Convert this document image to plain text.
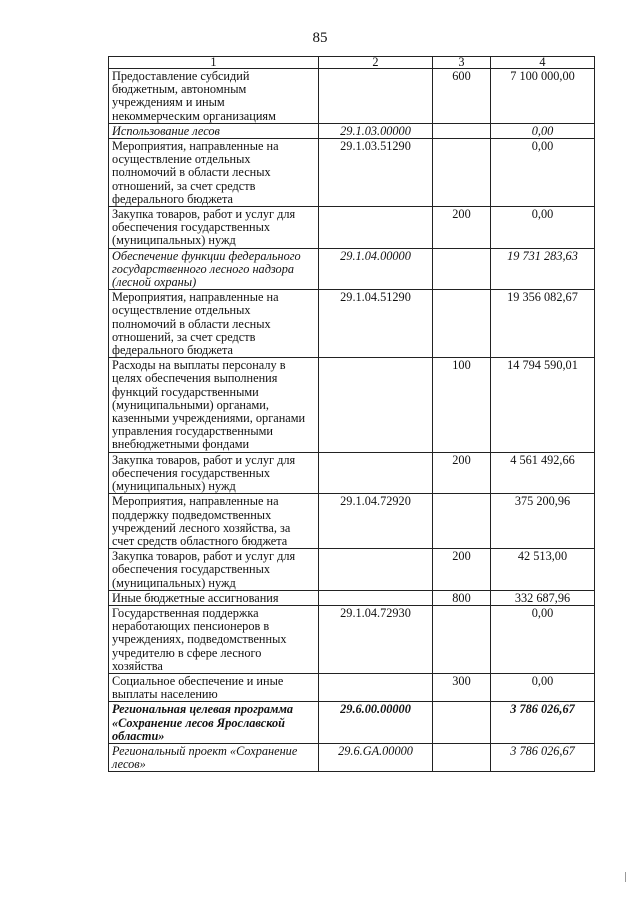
85
1	2	3	4
Предоставление субсидий бюджетным, автономным учреждениям и иным некоммерческим организациям		600	7 100 000,00
Использование лесов	29.1.03.00000		0,00
Мероприятия, направленные на осуществление отдельных полномочий в области лесных отношений, за счет средств федерального бюджета	29.1.03.51290		0,00
Закупка товаров, работ и услуг для обеспечения государственных (муниципальных) нужд		200	0,00
Обеспечение функции федерального государственного лесного надзора (лесной охраны)	29.1.04.00000		19 731 283,63
Мероприятия, направленные на осуществление отдельных полномочий в области лесных отношений, за счет средств федерального бюджета	29.1.04.51290		19 356 082,67
Расходы на выплаты персоналу в целях обеспечения выполнения функций государственными (муниципальными) органами, казенными учреждениями, органами управления государственными внебюджетными фондами		100	14 794 590,01
Закупка товаров, работ и услуг для обеспечения государственных (муниципальных) нужд		200	4 561 492,66
Мероприятия, направленные на поддержку подведомственных учреждений лесного хозяйства, за счет средств областного бюджета	29.1.04.72920		375 200,96
Закупка товаров, работ и услуг для обеспечения государственных (муниципальных) нужд		200	42 513,00
Иные бюджетные ассигнования		800	332 687,96
Государственная поддержка неработающих пенсионеров в учреждениях, подведомственных учредителю в сфере лесного хозяйства	29.1.04.72930		0,00
Социальное обеспечение и иные выплаты населению		300	0,00
Региональная целевая программа «Сохранение лесов Ярославской области»	29.6.00.00000		3 786 026,67
Региональный проект «Сохранение лесов»	29.6.GA.00000		3 786 026,67
